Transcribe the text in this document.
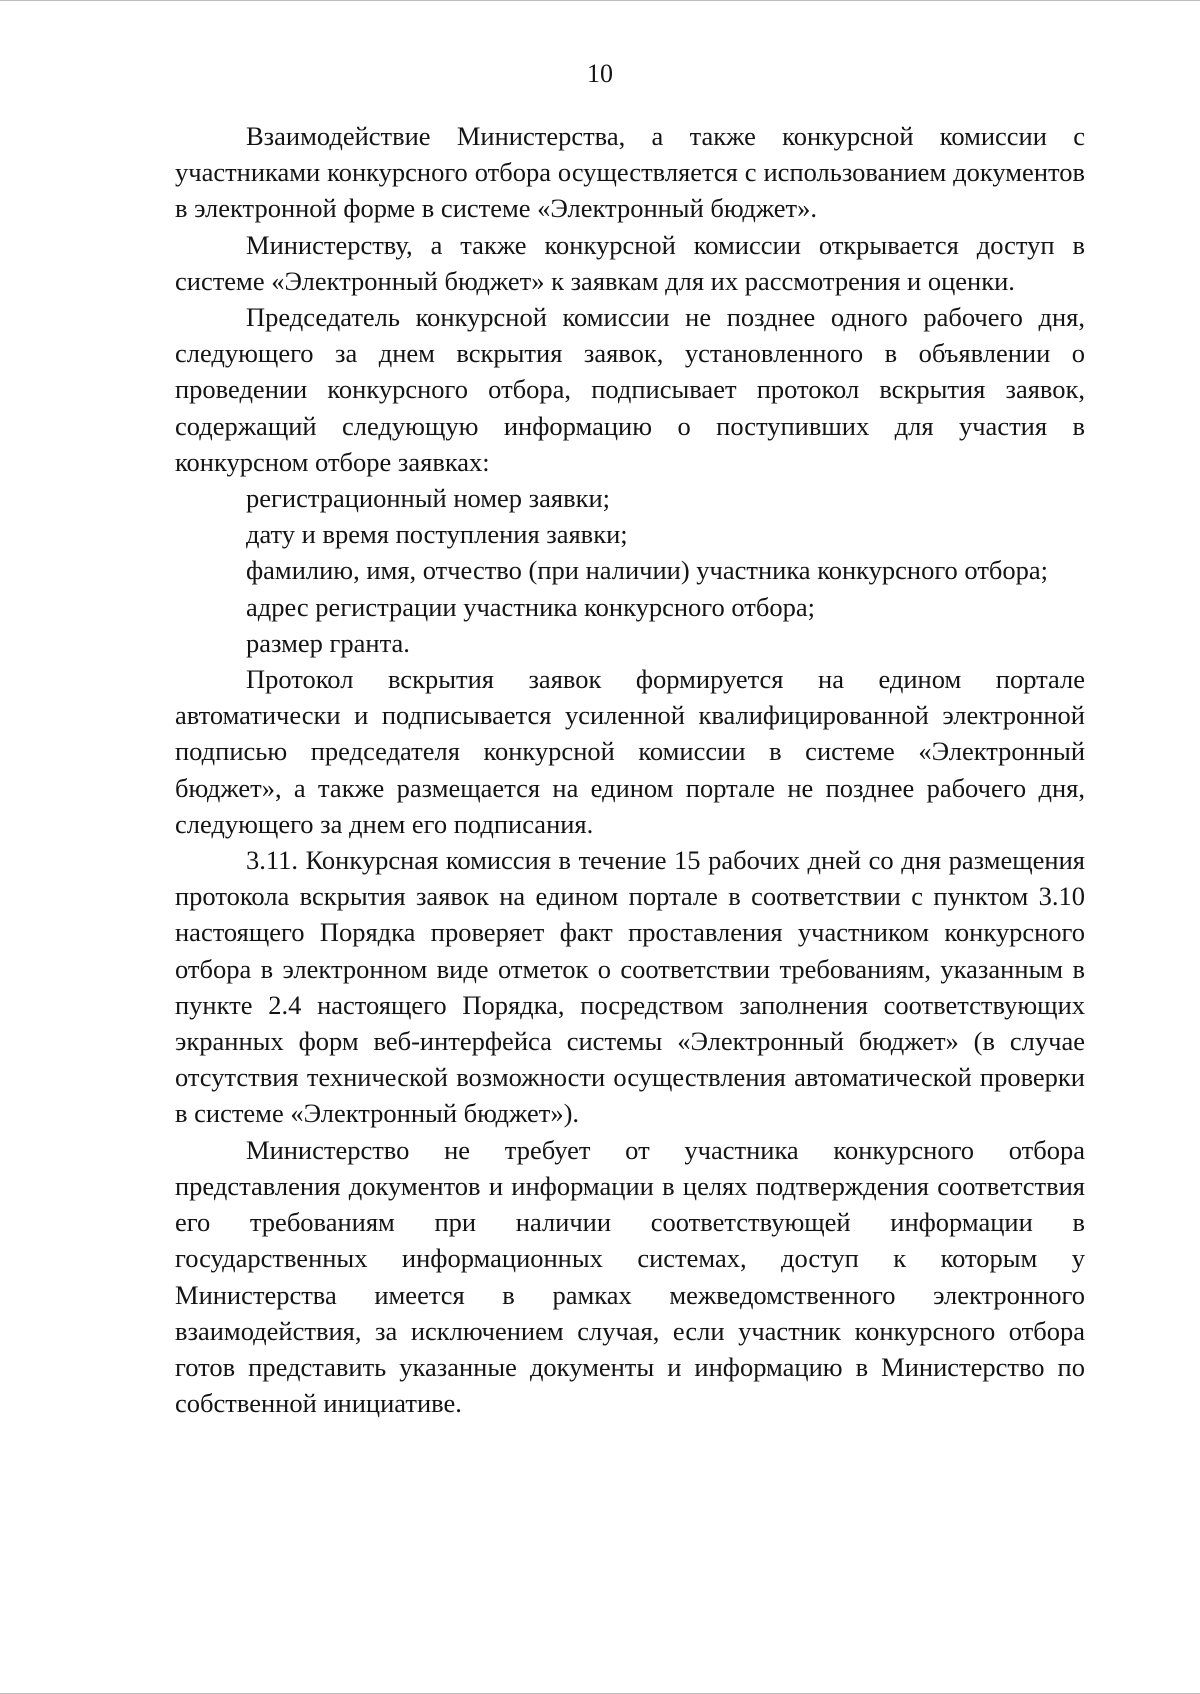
10

Взаимодействие Министерства, а также конкурсной комиссии с участниками конкурсного отбора осуществляется с использованием документов в электронной форме в системе «Электронный бюджет».

Министерству, а также конкурсной комиссии открывается доступ в системе «Электронный бюджет» к заявкам для их рассмотрения и оценки.

Председатель конкурсной комиссии не позднее одного рабочего дня, следующего за днем вскрытия заявок, установленного в объявлении о проведении конкурсного отбора, подписывает протокол вскрытия заявок, содержащий следующую информацию о поступивших для участия в конкурсном отборе заявках:

регистрационный номер заявки;

дату и время поступления заявки;

фамилию, имя, отчество (при наличии) участника конкурсного отбора;

адрес регистрации участника конкурсного отбора;

размер гранта.

Протокол вскрытия заявок формируется на едином портале автоматически и подписывается усиленной квалифицированной электронной подписью председателя конкурсной комиссии в системе «Электронный бюджет», а также размещается на едином портале не позднее рабочего дня, следующего за днем его подписания.

3.11. Конкурсная комиссия в течение 15 рабочих дней со дня размещения протокола вскрытия заявок на едином портале в соответствии с пунктом 3.10 настоящего Порядка проверяет факт проставления участником конкурсного отбора в электронном виде отметок о соответствии требованиям, указанным в пункте 2.4 настоящего Порядка, посредством заполнения соответствующих экранных форм веб-интерфейса системы «Электронный бюджет» (в случае отсутствия технической возможности осуществления автоматической проверки в системе «Электронный бюджет»).

Министерство не требует от участника конкурсного отбора представления документов и информации в целях подтверждения соответствия его требованиям при наличии соответствующей информации в государственных информационных системах, доступ к которым у Министерства имеется в рамках межведомственного электронного взаимодействия, за исключением случая, если участник конкурсного отбора готов представить указанные документы и информацию в Министерство по собственной инициативе.
